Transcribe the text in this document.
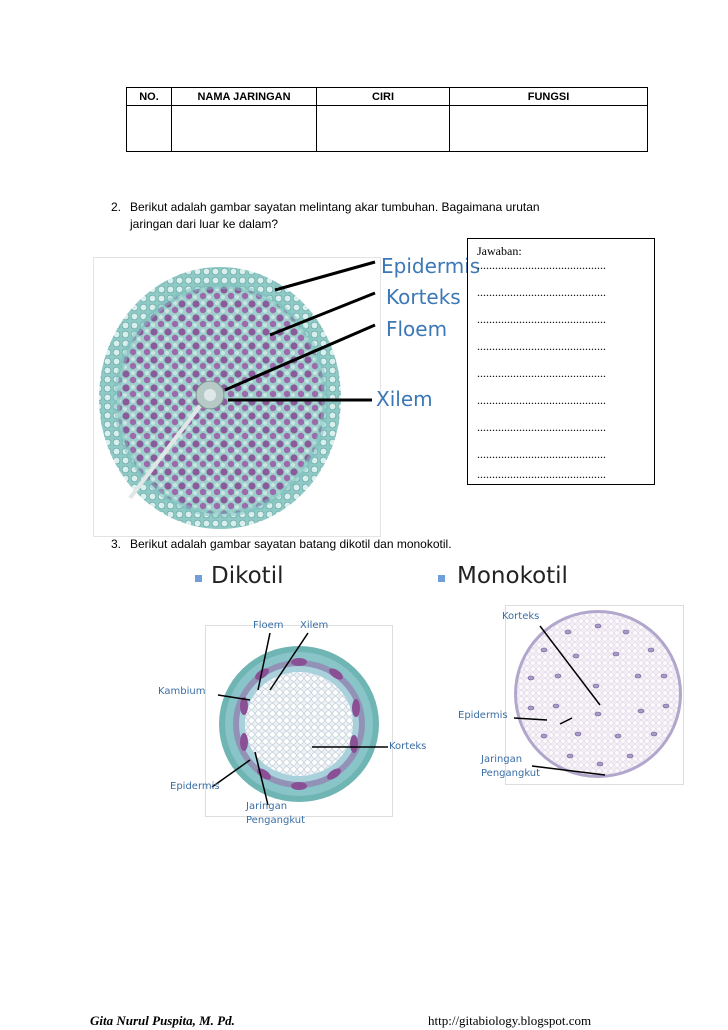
NO.	NAMA JARINGAN	CIRI	FUNGSI

2. Berikut adalah gambar sayatan melintang akar tumbuhan. Bagaimana urutan
jaringan dari luar ke dalam?
Epidermis
Korteks
Floem
Xilem
Jawaban:
...........................................
...........................................
...........................................
...........................................
...........................................
...........................................
...........................................
...........................................
...........................................
3. Berikut adalah gambar sayatan batang dikotil dan monokotil.
Dikotil	Monokotil
Floem Xilem
Kambium
Korteks
Epidermis
Jaringan
Pengangkut
Korteks
Epidermis
Jaringan
Pengangkut
Gita Nurul Puspita, M. Pd.	http://gitabiology.blogspot.com
